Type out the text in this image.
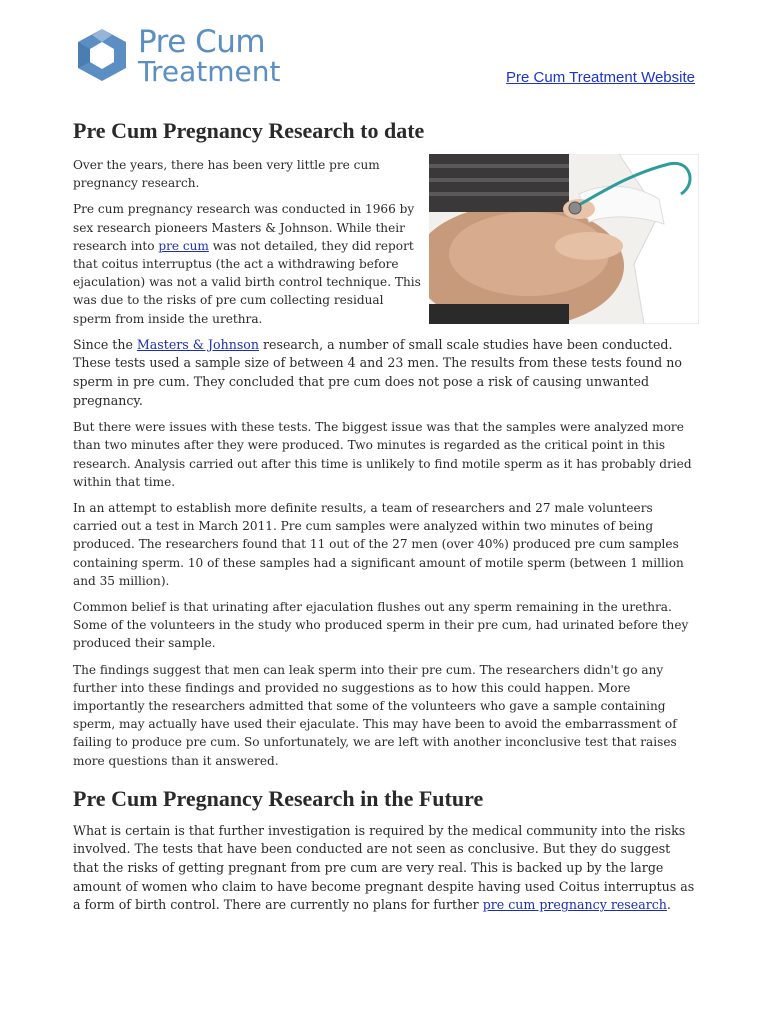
Pre Cum
Treatment	Pre Cum Treatment Website
Pre Cum Pregnancy Research to date

Over the years, there has been very little pre cum pregnancy research.

Pre cum pregnancy research was conducted in 1966 by sex research pioneers Masters & Johnson. While their research into pre cum was not detailed, they did report that coitus interruptus (the act a withdrawing before ejaculation) was not a valid birth control technique. This was due to the risks of pre cum collecting residual sperm from inside the urethra.

Since the Masters & Johnson research, a number of small scale studies have been conducted. These tests used a sample size of between 4 and 23 men. The results from these tests found no sperm in pre cum. They concluded that pre cum does not pose a risk of causing unwanted pregnancy.

But there were issues with these tests. The biggest issue was that the samples were analyzed more than two minutes after they were produced. Two minutes is regarded as the critical point in this research. Analysis carried out after this time is unlikely to find motile sperm as it has probably dried within that time.

In an attempt to establish more definite results, a team of researchers and 27 male volunteers carried out a test in March 2011. Pre cum samples were analyzed within two minutes of being produced. The researchers found that 11 out of the 27 men (over 40%) produced pre cum samples containing sperm. 10 of these samples had a significant amount of motile sperm (between 1 million and 35 million).

Common belief is that urinating after ejaculation flushes out any sperm remaining in the urethra. Some of the volunteers in the study who produced sperm in their pre cum, had urinated before they produced their sample.

The findings suggest that men can leak sperm into their pre cum. The researchers didn't go any further into these findings and provided no suggestions as to how this could happen. More importantly the researchers admitted that some of the volunteers who gave a sample containing sperm, may actually have used their ejaculate. This may have been to avoid the embarrassment of failing to produce pre cum. So unfortunately, we are left with another inconclusive test that raises more questions than it answered.

Pre Cum Pregnancy Research in the Future

What is certain is that further investigation is required by the medical community into the risks involved. The tests that have been conducted are not seen as conclusive. But they do suggest that the risks of getting pregnant from pre cum are very real. This is backed up by the large amount of women who claim to have become pregnant despite having used Coitus interruptus as a form of birth control. There are currently no plans for further pre cum pregnancy research.
